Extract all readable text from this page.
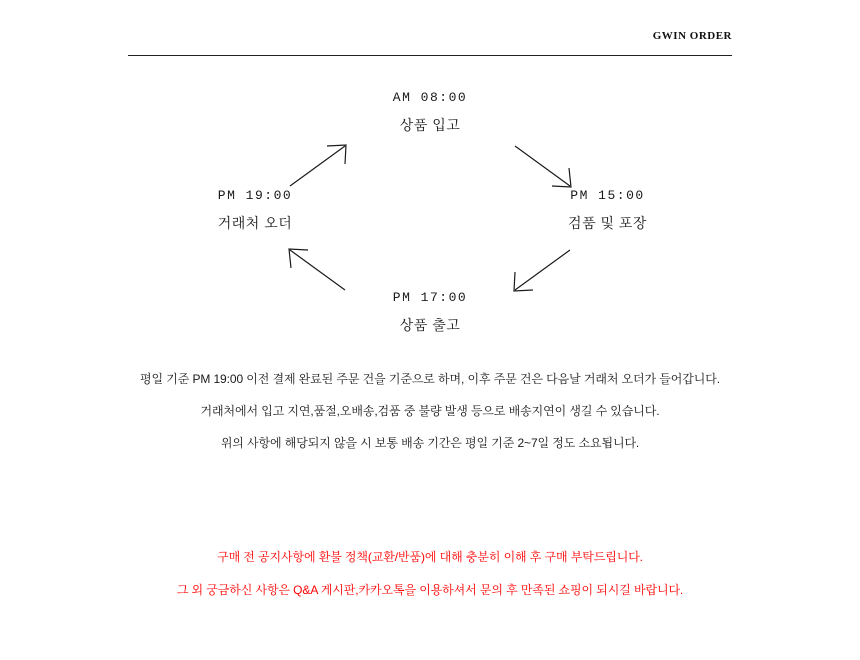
GWIN ORDER
AM 08:00
상품 입고
PM 15:00
검품 및 포장
PM 17:00
상품 출고
PM 19:00
거래처 오더

평일 기준 PM 19:00 이전 결제 완료된 주문 건을 기준으로 하며, 이후 주문 건은 다음날 거래처 오더가 들어갑니다.

거래처에서 입고 지연,품절,오배송,검품 중 불량 발생 등으로 배송지연이 생길 수 있습니다.

위의 사항에 해당되지 않을 시 보통 배송 기간은 평일 기준 2~7일 정도 소요됩니다.

구매 전 공지사항에 환불 정책(교환/반품)에 대해 충분히 이해 후 구매 부탁드립니다.

그 외 궁금하신 사항은 Q&A 게시판,카카오톡을 이용하셔서 문의 후 만족된 쇼핑이 되시길 바랍니다.
